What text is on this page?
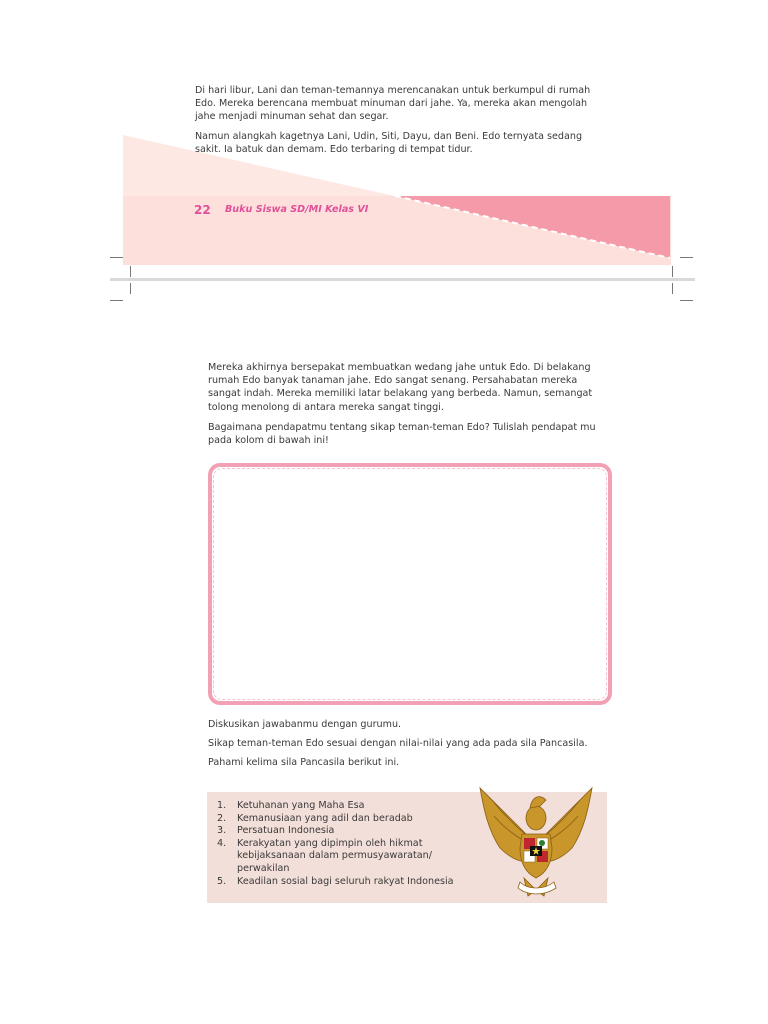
Di hari libur, Lani dan teman-temannya merencanakan untuk berkumpul di rumah Edo. Mereka berencana membuat minuman dari jahe. Ya, mereka akan mengolah jahe menjadi minuman sehat dan segar.

Namun alangkah kagetnya Lani, Udin, Siti, Dayu, dan Beni. Edo ternyata sedang sakit. Ia batuk dan demam. Edo terbaring di tempat tidur.

22 Buku Siswa SD/MI Kelas VI

Mereka akhirnya bersepakat membuatkan wedang jahe untuk Edo. Di belakang rumah Edo banyak tanaman jahe. Edo sangat senang. Persahabatan mereka sangat indah. Mereka memiliki latar belakang yang berbeda. Namun, semangat tolong menolong di antara mereka sangat tinggi.

Bagaimana pendapatmu tentang sikap teman-teman Edo? Tulislah pendapat mu pada kolom di bawah ini!

Diskusikan jawabanmu dengan gurumu.

Sikap teman-teman Edo sesuai dengan nilai-nilai yang ada pada sila Pancasila.

Pahami kelima sila Pancasila berikut ini.

1. Ketuhanan yang Maha Esa
2. Kemanusiaan yang adil dan beradab
3. Persatuan Indonesia
4. Kerakyatan yang dipimpin oleh hikmat kebijaksanaan dalam permusyawaratan/ perwakilan
5. Keadilan sosial bagi seluruh rakyat Indonesia
